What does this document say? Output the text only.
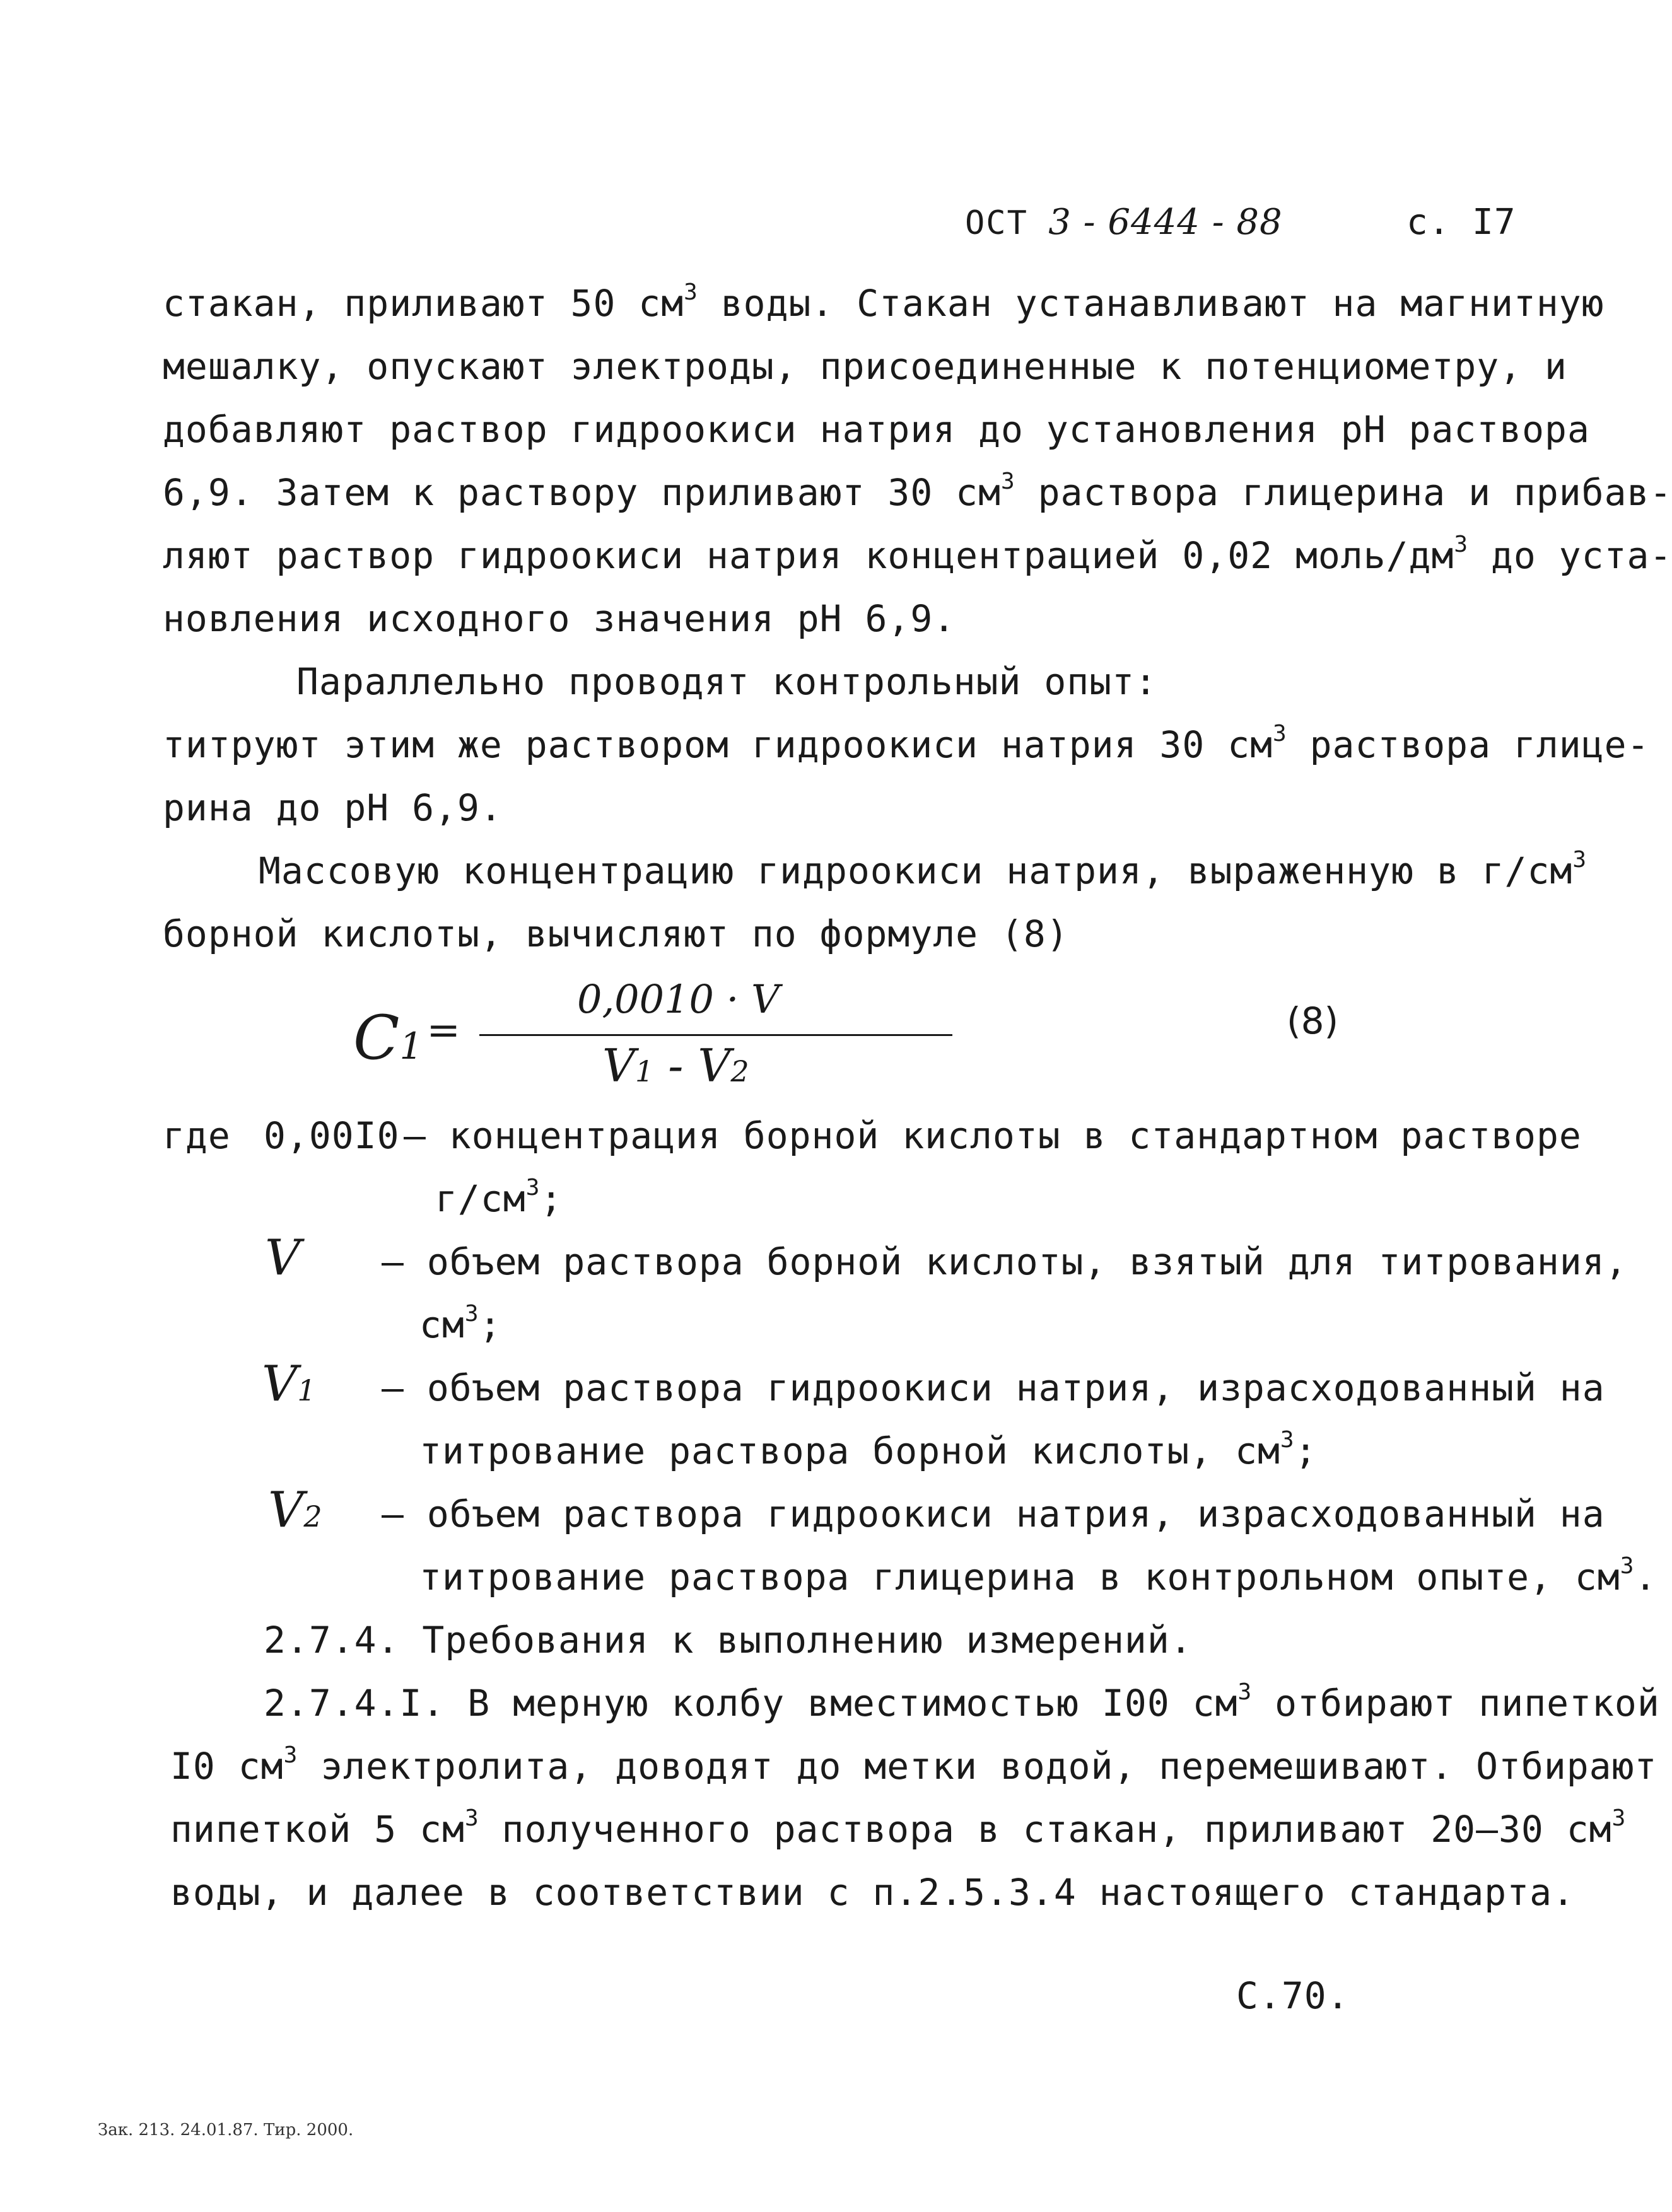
ОСТ 3 - 6444 - 88	с. I7
стакан, приливают 50 $см^3$ воды. Стакан устанавливают на магнитную
мешалку, опускают электроды, присоединенные к потенциометру, и
добавляют раствор гидроокиси натрия до установления рН раствора
6,9. Затем к раствору приливают 30 $см^3$ раствора глицерина и прибав-
ляют раствор гидроокиси натрия концентрацией 0,02 моль/$дм^3$ до уста-
новления исходного значения рН 6,9.
Параллельно проводят контрольный опыт:
титруют этим же раствором гидроокиси натрия 30 $см^3$ раствора глице-
рина до рН 6,9.
Массовую концентрацию гидроокиси натрия, выраженную в $г/см^3$
борной кислоты, вычисляют по формуле (8)
C1=
0,0010 · V
V1 - V2
(8)
где 0,00I0 – концентрация борной кислоты в стандартном растворе
$г/см^3$;
V – объем раствора борной кислоты, взятый для титрования,
$см^3$;
V1 – объем раствора гидроокиси натрия, израсходованный на
титрование раствора борной кислоты, $см^3$;
V2 – объем раствора гидроокиси натрия, израсходованный на
титрование раствора глицерина в контрольном опыте, $см^3$.
2.7.4. Требования к выполнению измерений.
2.7.4.I. В мерную колбу вместимостью I00 $см^3$ отбирают пипеткой
I0 $см^3$ электролита, доводят до метки водой, перемешивают. Отбирают
пипеткой 5 $см^3$ полученного раствора в стакан, приливают 20–30 $см^3$
воды, и далее в соответствии с п.2.5.3.4 настоящего стандарта.
С.70.
Зак. 213. 24.01.87. Тир. 2000.
